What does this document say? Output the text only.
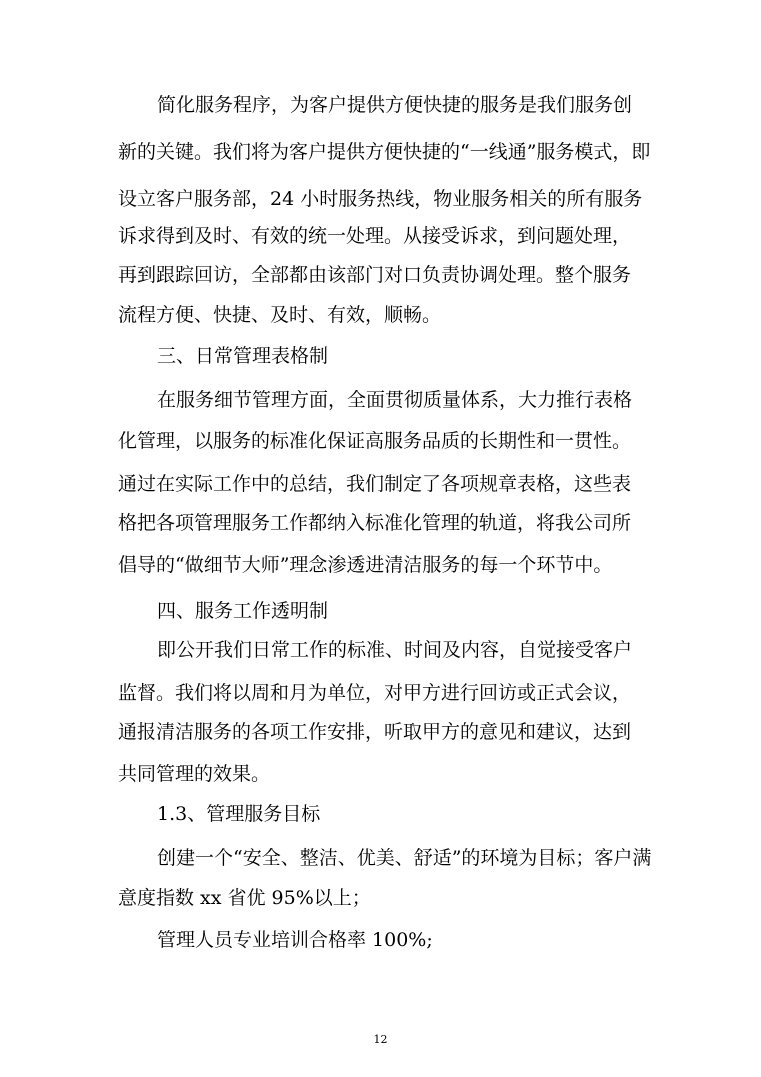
简化服务程序，为客户提供方便快捷的服务是我们服务创
新的关键。我们将为客户提供方便快捷的“一线通”服务模式，即
设立客户服务部，24 小时服务热线，物业服务相关的所有服务
诉求得到及时、有效的统一处理。从接受诉求，到问题处理，
再到跟踪回访，全部都由该部门对口负责协调处理。整个服务
流程方便、快捷、及时、有效，顺畅。
三、日常管理表格制
在服务细节管理方面，全面贯彻质量体系，大力推行表格
化管理，以服务的标准化保证高服务品质的长期性和一贯性。
通过在实际工作中的总结，我们制定了各项规章表格，这些表
格把各项管理服务工作都纳入标准化管理的轨道，将我公司所
倡导的“做细节大师”理念渗透进清洁服务的每一个环节中。
四、服务工作透明制
即公开我们日常工作的标准、时间及内容，自觉接受客户
监督。我们将以周和月为单位，对甲方进行回访或正式会议，
通报清洁服务的各项工作安排，听取甲方的意见和建议，达到
共同管理的效果。
1.3、管理服务目标
创建一个“安全、整洁、优美、舒适”的环境为目标；客户满
意度指数 xx 省优 95%以上；
管理人员专业培训合格率 100%;
12
